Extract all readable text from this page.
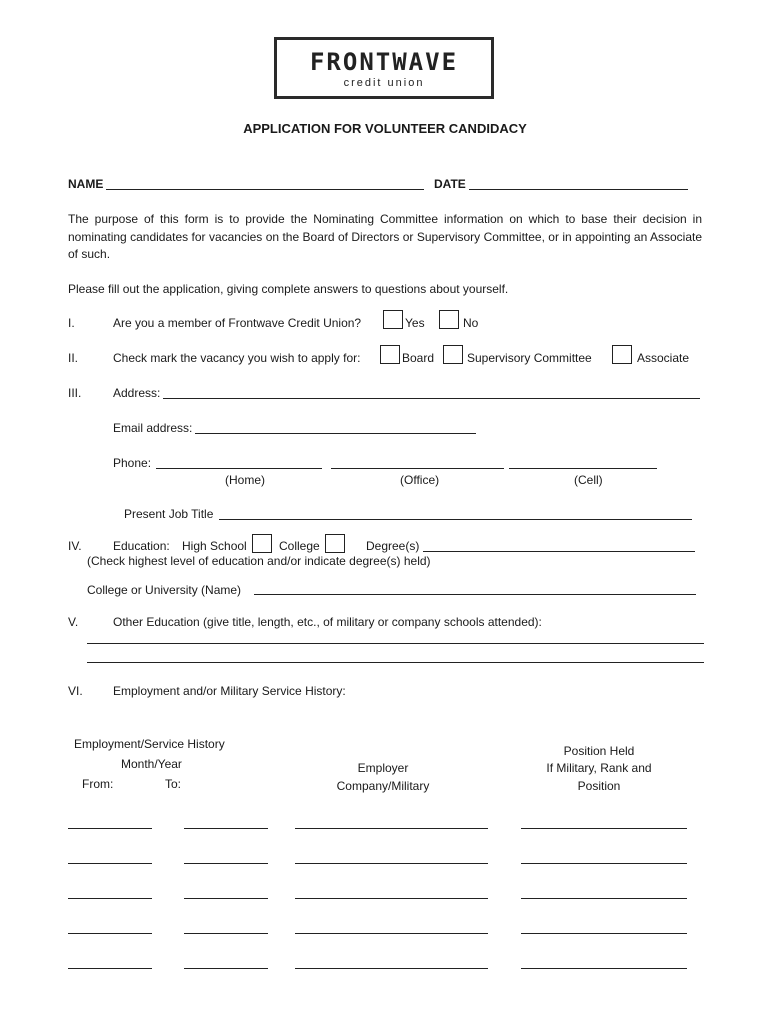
FRONTWAVE
credit union
APPLICATION FOR VOLUNTEER CANDIDACY
NAME	DATE
The purpose of this form is to provide the Nominating Committee information on which to base their decision in nominating candidates for vacancies on the Board of Directors or Supervisory Committee, or in appointing an Associate of such.
Please fill out the application, giving complete answers to questions about yourself.
I.	Are you a member of Frontwave Credit Union?	Yes	No
II.	Check mark the vacancy you wish to apply for:	Board	Supervisory Committee	Associate
III.	Address:
Email address:
Phone:
(Home)	(Office)	(Cell)
Present Job Title
IV.	Education: High School	College	Degree(s)
(Check highest level of education and/or indicate degree(s) held)
College or University (Name)
V.	Other Education (give title, length, etc., of military or company schools attended):
VI.	Employment and/or Military Service History:
Employment/Service History
Month/Year
From:	To:
Employer
Company/Military
Position Held
If Military, Rank and
Position
